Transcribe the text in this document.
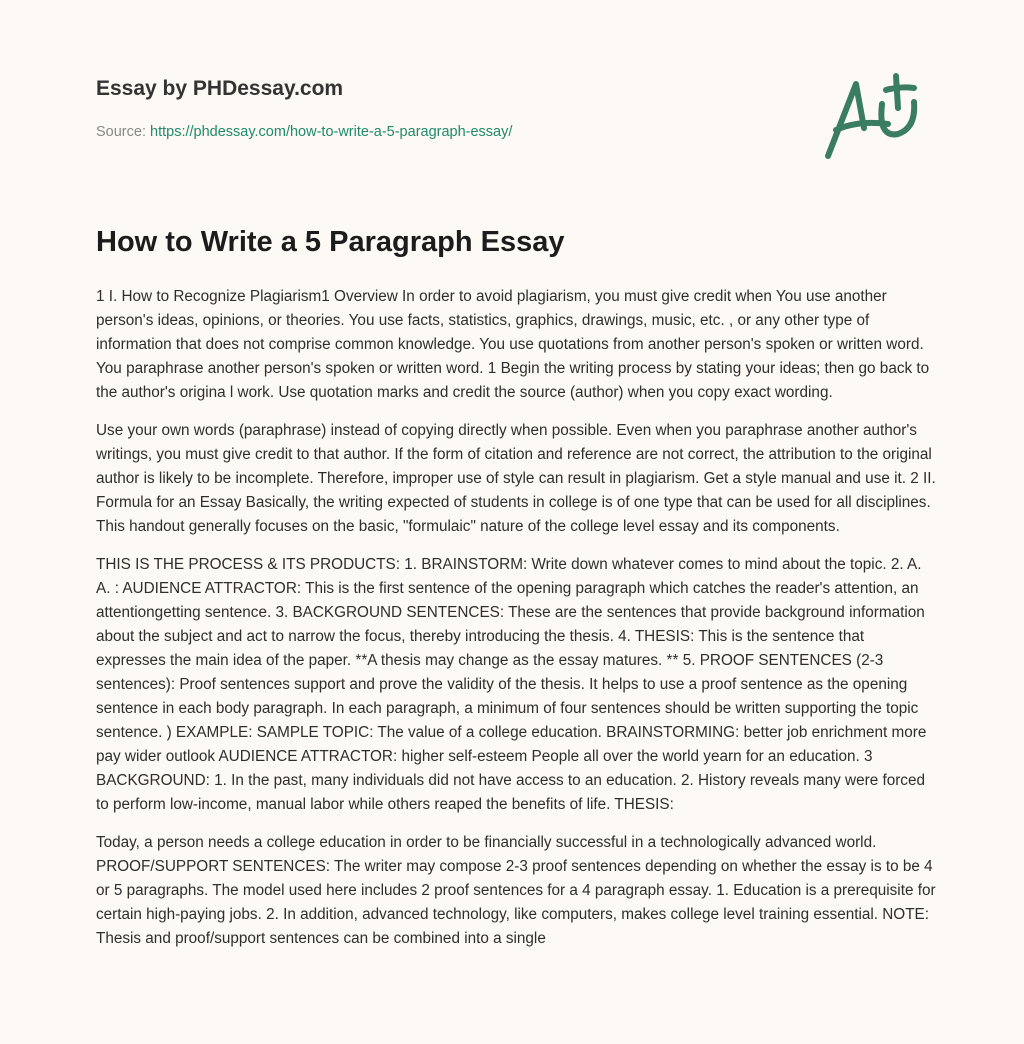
Essay by PHDessay.com
Source: https://phdessay.com/how-to-write-a-5-paragraph-essay/
How to Write a 5 Paragraph Essay

1 I. How to Recognize Plagiarism1 Overview In order to avoid plagiarism, you must give credit when You use another person's ideas, opinions, or theories. You use facts, statistics, graphics, drawings, music, etc. , or any other type of information that does not comprise common knowledge. You use quotations from another person's spoken or written word. You paraphrase another person's spoken or written word. 1 Begin the writing process by stating your ideas; then go back to the author's origina l work. Use quotation marks and credit the source (author) when you copy exact wording.

Use your own words (paraphrase) instead of copying directly when possible. Even when you paraphrase another author's writings, you must give credit to that author. If the form of citation and reference are not correct, the attribution to the original author is likely to be incomplete. Therefore, improper use of style can result in plagiarism. Get a style manual and use it. 2 II. Formula for an Essay Basically, the writing expected of students in college is of one type that can be used for all disciplines. This handout generally focuses on the basic, "formulaic" nature of the college level essay and its components.

THIS IS THE PROCESS & ITS PRODUCTS: 1. BRAINSTORM: Write down whatever comes to mind about the topic. 2. A. A. : AUDIENCE ATTRACTOR: This is the first sentence of the opening paragraph which catches the reader's attention, an attentiongetting sentence. 3. BACKGROUND SENTENCES: These are the sentences that provide background information about the subject and act to narrow the focus, thereby introducing the thesis. 4. THESIS: This is the sentence that expresses the main idea of the paper. **A thesis may change as the essay matures. ** 5. PROOF SENTENCES (2-3 sentences): Proof sentences support and prove the validity of the thesis. It helps to use a proof sentence as the opening sentence in each body paragraph. In each paragraph, a minimum of four sentences should be written supporting the topic sentence. ) EXAMPLE: SAMPLE TOPIC: The value of a college education. BRAINSTORMING: better job enrichment more pay wider outlook AUDIENCE ATTRACTOR: higher self-esteem People all over the world yearn for an education. 3 BACKGROUND: 1. In the past, many individuals did not have access to an education. 2. History reveals many were forced to perform low-income, manual labor while others reaped the benefits of life. THESIS:

Today, a person needs a college education in order to be financially successful in a technologically advanced world. PROOF/SUPPORT SENTENCES: The writer may compose 2-3 proof sentences depending on whether the essay is to be 4 or 5 paragraphs. The model used here includes 2 proof sentences for a 4 paragraph essay. 1. Education is a prerequisite for certain high-paying jobs. 2. In addition, advanced technology, like computers, makes college level training essential. NOTE: Thesis and proof/support sentences can be combined into a single
